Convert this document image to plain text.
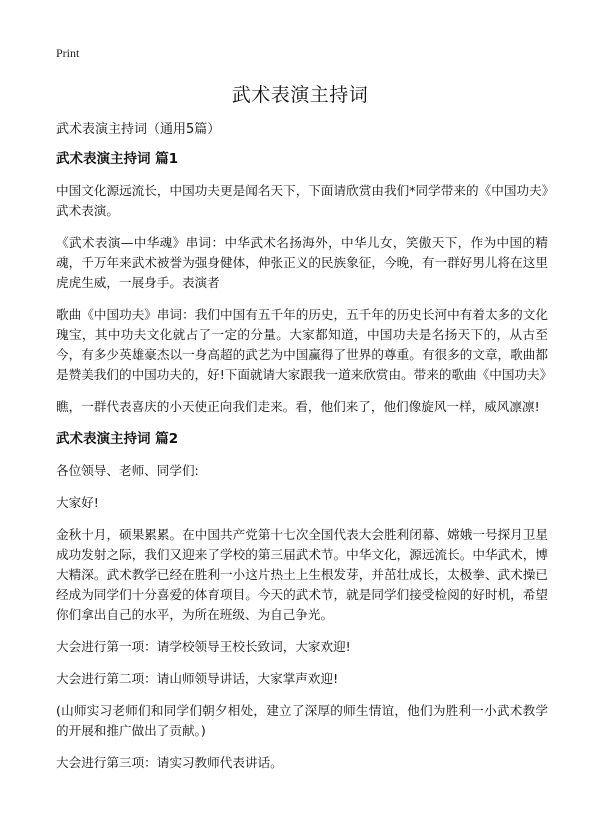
Print
武术表演主持词

武术表演主持词（通用5篇）

武术表演主持词 篇1

中国文化源远流长，中国功夫更是闻名天下，下面请欣赏由我们*同学带来的《中国功夫》武术表演。

《武术表演—中华魂》串词：中华武术名扬海外，中华儿女，笑傲天下，作为中国的精魂，千万年来武术被誉为强身健体，伸张正义的民族象征，今晚，有一群好男儿将在这里虎虎生威，一展身手。表演者

歌曲《中国功夫》串词：我们中国有五千年的历史，五千年的历史长河中有着太多的文化瑰宝，其中功夫文化就占了一定的分量。大家都知道，中国功夫是名扬天下的，从古至今，有多少英雄豪杰以一身高超的武艺为中国赢得了世界的尊重。有很多的文章，歌曲都是赞美我们的中国功夫的，好!下面就请大家跟我一道来欣赏由。带来的歌曲《中国功夫》

瞧，一群代表喜庆的小天使正向我们走来。看，他们来了，他们像旋风一样，威风凛凛!

武术表演主持词 篇2

各位领导、老师、同学们:

大家好!

金秋十月，硕果累累。在中国共产党第十七次全国代表大会胜利闭幕、嫦娥一号探月卫星成功发射之际，我们又迎来了学校的第三届武术节。中华文化，源远流长。中华武术，博大精深。武术教学已经在胜利一小这片热土上生根发芽，并茁壮成长，太极拳、武术操已经成为同学们十分喜爱的体育项目。今天的武术节，就是同学们接受检阅的好时机，希望你们拿出自己的水平，为所在班级、为自己争光。

大会进行第一项：请学校领导王校长致词，大家欢迎!

大会进行第二项：请山师领导讲话，大家掌声欢迎!

(山师实习老师们和同学们朝夕相处，建立了深厚的师生情谊，他们为胜利一小武术教学的开展和推广做出了贡献。)

大会进行第三项：请实习教师代表讲话。
